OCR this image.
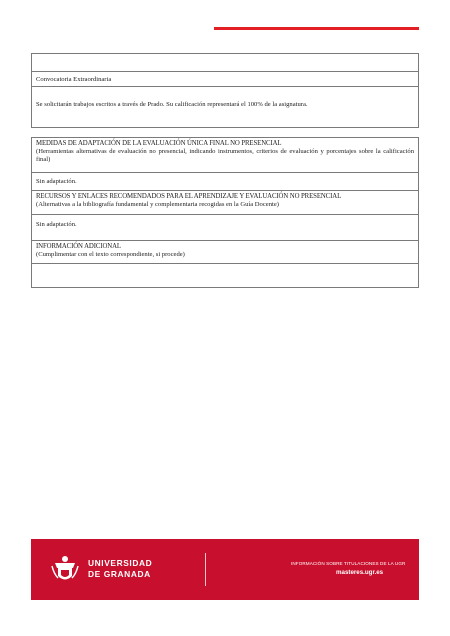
Convocatoria Extraordinaria
Se solicitarán trabajos escritos a través de Prado. Su calificación representará el 100% de la asignatura.
MEDIDAS DE ADAPTACIÓN DE LA EVALUACIÓN ÚNICA FINAL NO PRESENCIAL
(Herramientas alternativas de evaluación no presencial, indicando instrumentos, criterios de evaluación y porcentajes sobre la calificación final)
Sin adaptación.
RECURSOS Y ENLACES RECOMENDADOS PARA EL APRENDIZAJE Y EVALUACIÓN NO PRESENCIAL
(Alternativas a la bibliografía fundamental y complementaria recogidas en la Guía Docente)
Sin adaptación.
INFORMACIÓN ADICIONAL
(Cumplimentar con el texto correspondiente, si procede)
UNIVERSIDAD
DE GRANADA
INFORMACIÓN SOBRE TITULACIONES DE LA UGR
masteres.ugr.es
